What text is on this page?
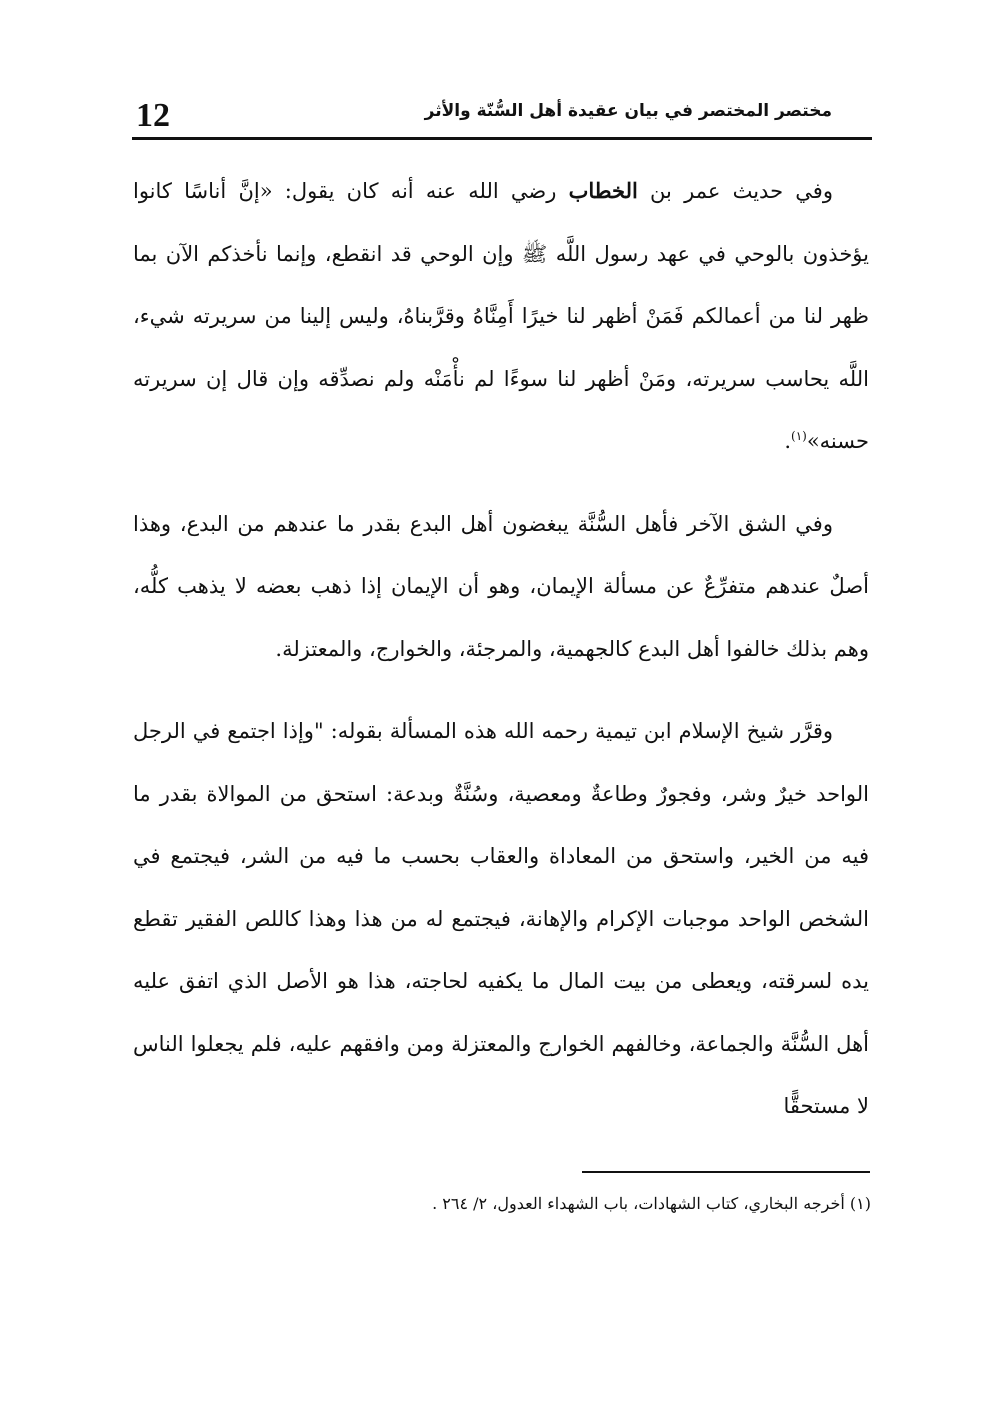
12	مختصر المختصر في بيان عقيدة أهل السُّنّة والأثر

وفي حديث عمر بن الخطاب رضي الله عنه أنه كان يقول: «إنَّ أناسًا كانوا يؤخذون بالوحي في عهد رسول اللَّه ﷺ وإن الوحي قد انقطع، وإنما نأخذكم الآن بما ظهر لنا من أعمالكم فَمَنْ أظهر لنا خيرًا أَمِنَّاهُ وقرَّبناهُ، وليس إلينا من سريرته شيء، اللَّه يحاسب سريرته، ومَنْ أظهر لنا سوءًا لم نأْمَنْه ولم نصدِّقه وإن قال إن سريرته حسنه»$^{(١)}$.

وفي الشق الآخر فأهل السُّنَّة يبغضون أهل البدع بقدر ما عندهم من البدع، وهذا أصلٌ عندهم متفرِّعٌ عن مسألة الإيمان، وهو أن الإيمان إذا ذهب بعضه لا يذهب كلُّه، وهم بذلك خالفوا أهل البدع كالجهمية، والمرجئة، والخوارج، والمعتزلة.

وقرَّر شيخ الإسلام ابن تيمية رحمه الله هذه المسألة بقوله: "وإذا اجتمع في الرجل الواحد خيرٌ وشر، وفجورٌ وطاعةٌ ومعصية، وسُنَّةٌ وبدعة: استحق من الموالاة بقدر ما فيه من الخير، واستحق من المعاداة والعقاب بحسب ما فيه من الشر، فيجتمع في الشخص الواحد موجبات الإكرام والإهانة، فيجتمع له من هذا وهذا كاللص الفقير تقطع يده لسرقته، ويعطى من بيت المال ما يكفيه لحاجته، هذا هو الأصل الذي اتفق عليه أهل السُّنَّة والجماعة، وخالفهم الخوارج والمعتزلة ومن وافقهم عليه، فلم يجعلوا الناس لا مستحقًّا

(١) أخرجه البخاري، كتاب الشهادات، باب الشهداء العدول، ٢/ ٢٦٤ .
